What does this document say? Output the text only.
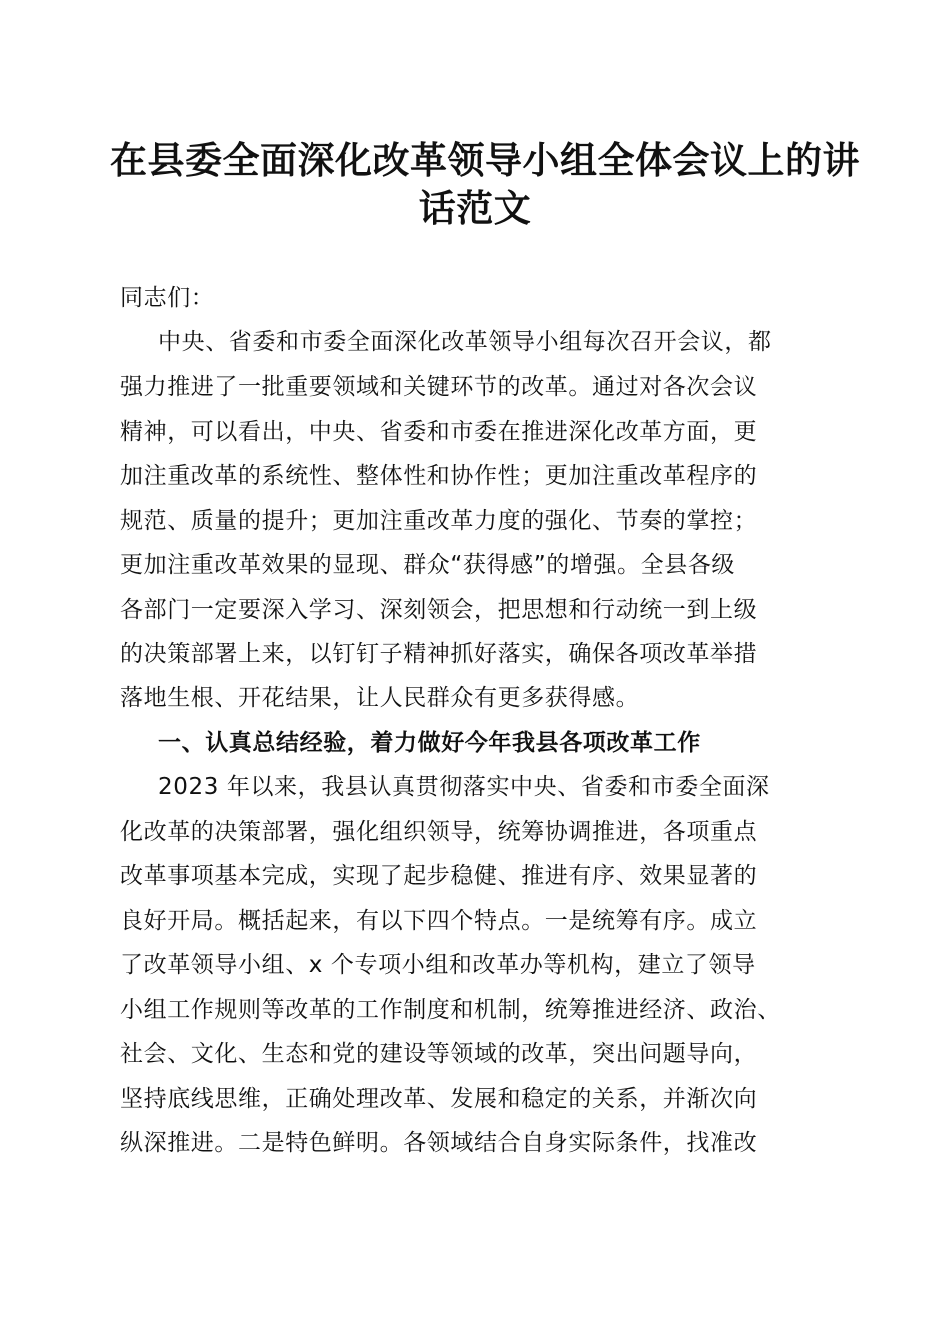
在县委全面深化改革领导小组全体会议上的讲
话范文
同志们：
中央、省委和市委全面深化改革领导小组每次召开会议，都
强力推进了一批重要领域和关键环节的改革。通过对各次会议
精神，可以看出，中央、省委和市委在推进深化改革方面，更
加注重改革的系统性、整体性和协作性；更加注重改革程序的
规范、质量的提升；更加注重改革力度的强化、节奏的掌控；
更加注重改革效果的显现、群众“获得感”的增强。全县各级
各部门一定要深入学习、深刻领会，把思想和行动统一到上级
的决策部署上来，以钉钉子精神抓好落实，确保各项改革举措
落地生根、开花结果，让人民群众有更多获得感。
一、认真总结经验，着力做好今年我县各项改革工作
2023 年以来，我县认真贯彻落实中央、省委和市委全面深
化改革的决策部署，强化组织领导，统筹协调推进，各项重点
改革事项基本完成，实现了起步稳健、推进有序、效果显著的
良好开局。概括起来，有以下四个特点。一是统筹有序。成立
了改革领导小组、x 个专项小组和改革办等机构，建立了领导
小组工作规则等改革的工作制度和机制，统筹推进经济、政治、
社会、文化、生态和党的建设等领域的改革，突出问题导向，
坚持底线思维，正确处理改革、发展和稳定的关系，并渐次向
纵深推进。二是特色鲜明。各领域结合自身实际条件，找准改
